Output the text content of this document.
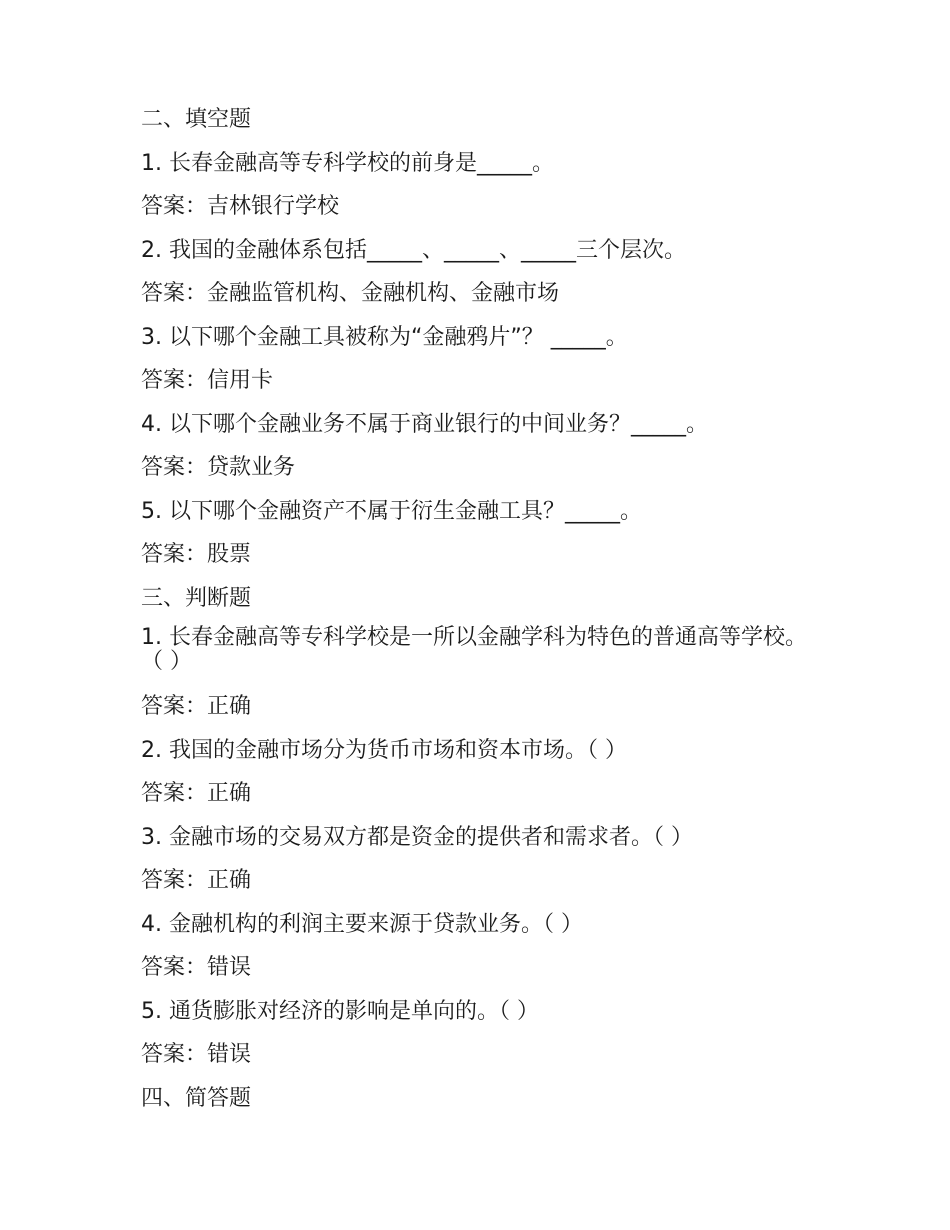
二、填空题
1. 长春金融高等专科学校的前身是_____。
答案：吉林银行学校
2. 我国的金融体系包括_____、_____、_____三个层次。
答案：金融监管机构、金融机构、金融市场
3. 以下哪个金融工具被称为“金融鸦片”？ _____。
答案：信用卡
4. 以下哪个金融业务不属于商业银行的中间业务？_____。
答案：贷款业务
5. 以下哪个金融资产不属于衍生金融工具？_____。
答案：股票
三、判断题
1. 长春金融高等专科学校是一所以金融学科为特色的普通高等学校。（ ）
答案：正确
2. 我国的金融市场分为货币市场和资本市场。（ ）
答案：正确
3. 金融市场的交易双方都是资金的提供者和需求者。（ ）
答案：正确
4. 金融机构的利润主要来源于贷款业务。（ ）
答案：错误
5. 通货膨胀对经济的影响是单向的。（ ）
答案：错误
四、简答题
